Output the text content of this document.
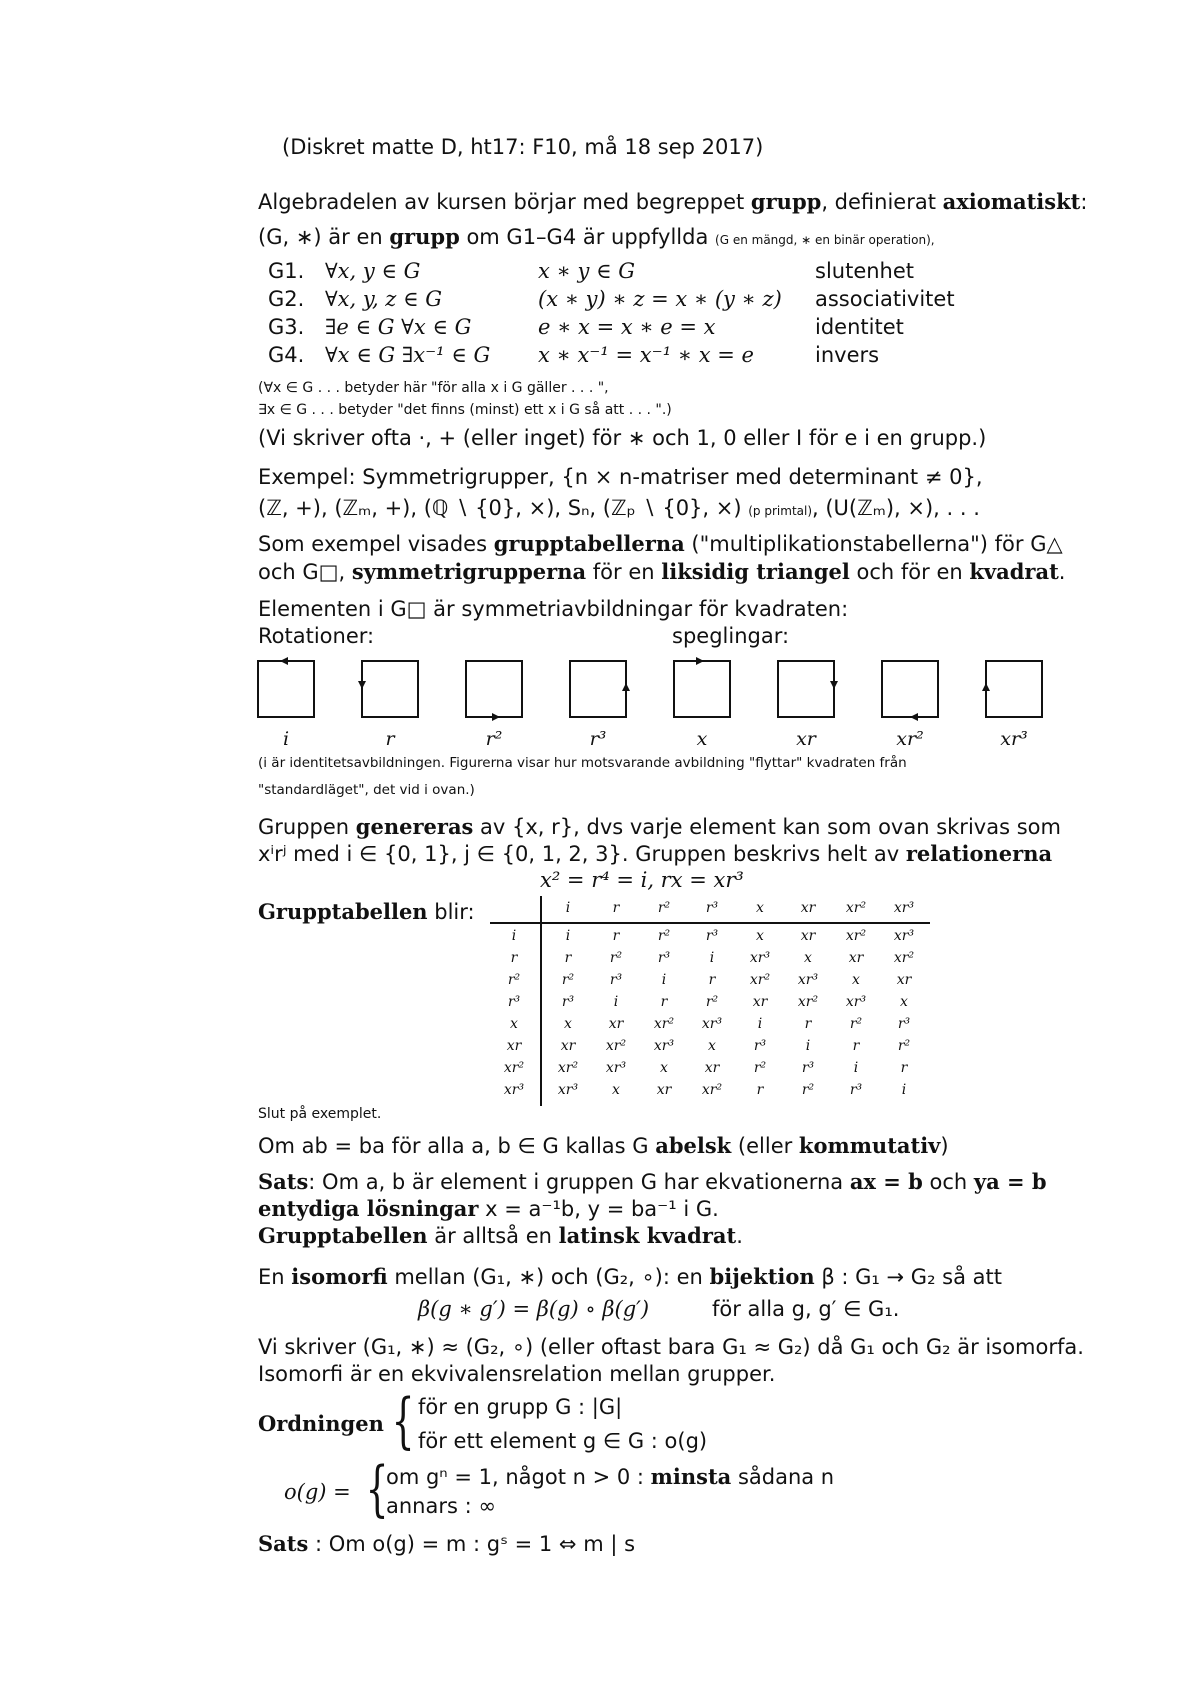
(Diskret matte D, ht17: F10, må 18 sep 2017)
Algebradelen av kursen börjar med begreppet grupp, definierat axiomatiskt:
(G, ∗) är en grupp om G1–G4 är uppfyllda (G en mängd, ∗ en binär operation),
G1. ∀x, y ∈ G	x ∗ y ∈ G	slutenhet
G2. ∀x, y, z ∈ G	(x ∗ y) ∗ z = x ∗ (y ∗ z) associativitet
G3. ∃e ∈ G ∀x ∈ G	e ∗ x = x ∗ e = x	identitet
G4. ∀x ∈ G ∃x⁻¹ ∈ G x ∗ x⁻¹ = x⁻¹ ∗ x = e	invers
(∀x ∈ G . . . betyder här "för alla x i G gäller . . . ",
∃x ∈ G . . . betyder "det finns (minst) ett x i G så att . . . ".)
(Vi skriver ofta ·, + (eller inget) för ∗ och 1, 0 eller I för e i en grupp.)
Exempel: Symmetrigrupper, {n × n-matriser med determinant ≠ 0},
(ℤ, +), (ℤₘ, +), (ℚ ∖ {0}, ×), Sₙ, (ℤₚ ∖ {0}, ×) (p primtal), (U(ℤₘ), ×), . . .
Som exempel visades grupptabellerna ("multiplikationstabellerna") för G△
och G□, symmetrigrupperna för en liksidig triangel och för en kvadrat.
Elementen i G□ är symmetriavbildningar för kvadraten:
Rotationer:	speglingar:
i	r	r²	r³	x	xr	xr²	xr³
(i är identitetsavbildningen. Figurerna visar hur motsvarande avbildning "flyttar" kvadraten från
"standardläget", det vid i ovan.)
Gruppen genereras av {x, r}, dvs varje element kan som ovan skrivas som
xⁱrʲ med i ∈ {0, 1}, j ∈ {0, 1, 2, 3}. Gruppen beskrivs helt av relationerna
x² = r⁴ = i, rx = xr³
Grupptabellen blir:	i	r	r²	r³	x	xr	xr²	xr³
i	i	r	r²	r³	x	xr	xr²	xr³
r	r	r²	r³	i	xr³	x	xr	xr²
r²	r²	r³	i	r	xr²	xr³	x	xr
r³	r³	i	r	r²	xr	xr²	xr³	x
x	x	xr	xr²	xr³	i	r	r²	r³
xr	xr	xr²	xr³	x	r³	i	r	r²
xr²	xr²	xr³	x	xr	r²	r³	i	r
xr³	xr³	x	xr	xr²	r	r²	r³	i
Slut på exemplet.
Om ab = ba för alla a, b ∈ G kallas G abelsk (eller kommutativ)
Sats: Om a, b är element i gruppen G har ekvationerna ax = b och ya = b
entydiga lösningar x = a⁻¹b, y = ba⁻¹ i G.
Grupptabellen är alltså en latinsk kvadrat.
En isomorfi mellan (G₁, ∗) och (G₂, ∘): en bijektion β : G₁ → G₂ så att
β(g ∗ g′) = β(g) ∘ β(g′)	för alla g, g′ ∈ G₁.
Vi skriver (G₁, ∗) ≈ (G₂, ∘) (eller oftast bara G₁ ≈ G₂) då G₁ och G₂ är isomorfa.
Isomorfi är en ekvivalensrelation mellan grupper.
Ordningen { för en grupp G : |G|
för ett element g ∈ G : o(g)
o(g) = {
om gⁿ = 1, något n > 0 : minsta sådana n
annars : ∞
Sats : Om o(g) = m : gˢ = 1 ⇔ m | s
